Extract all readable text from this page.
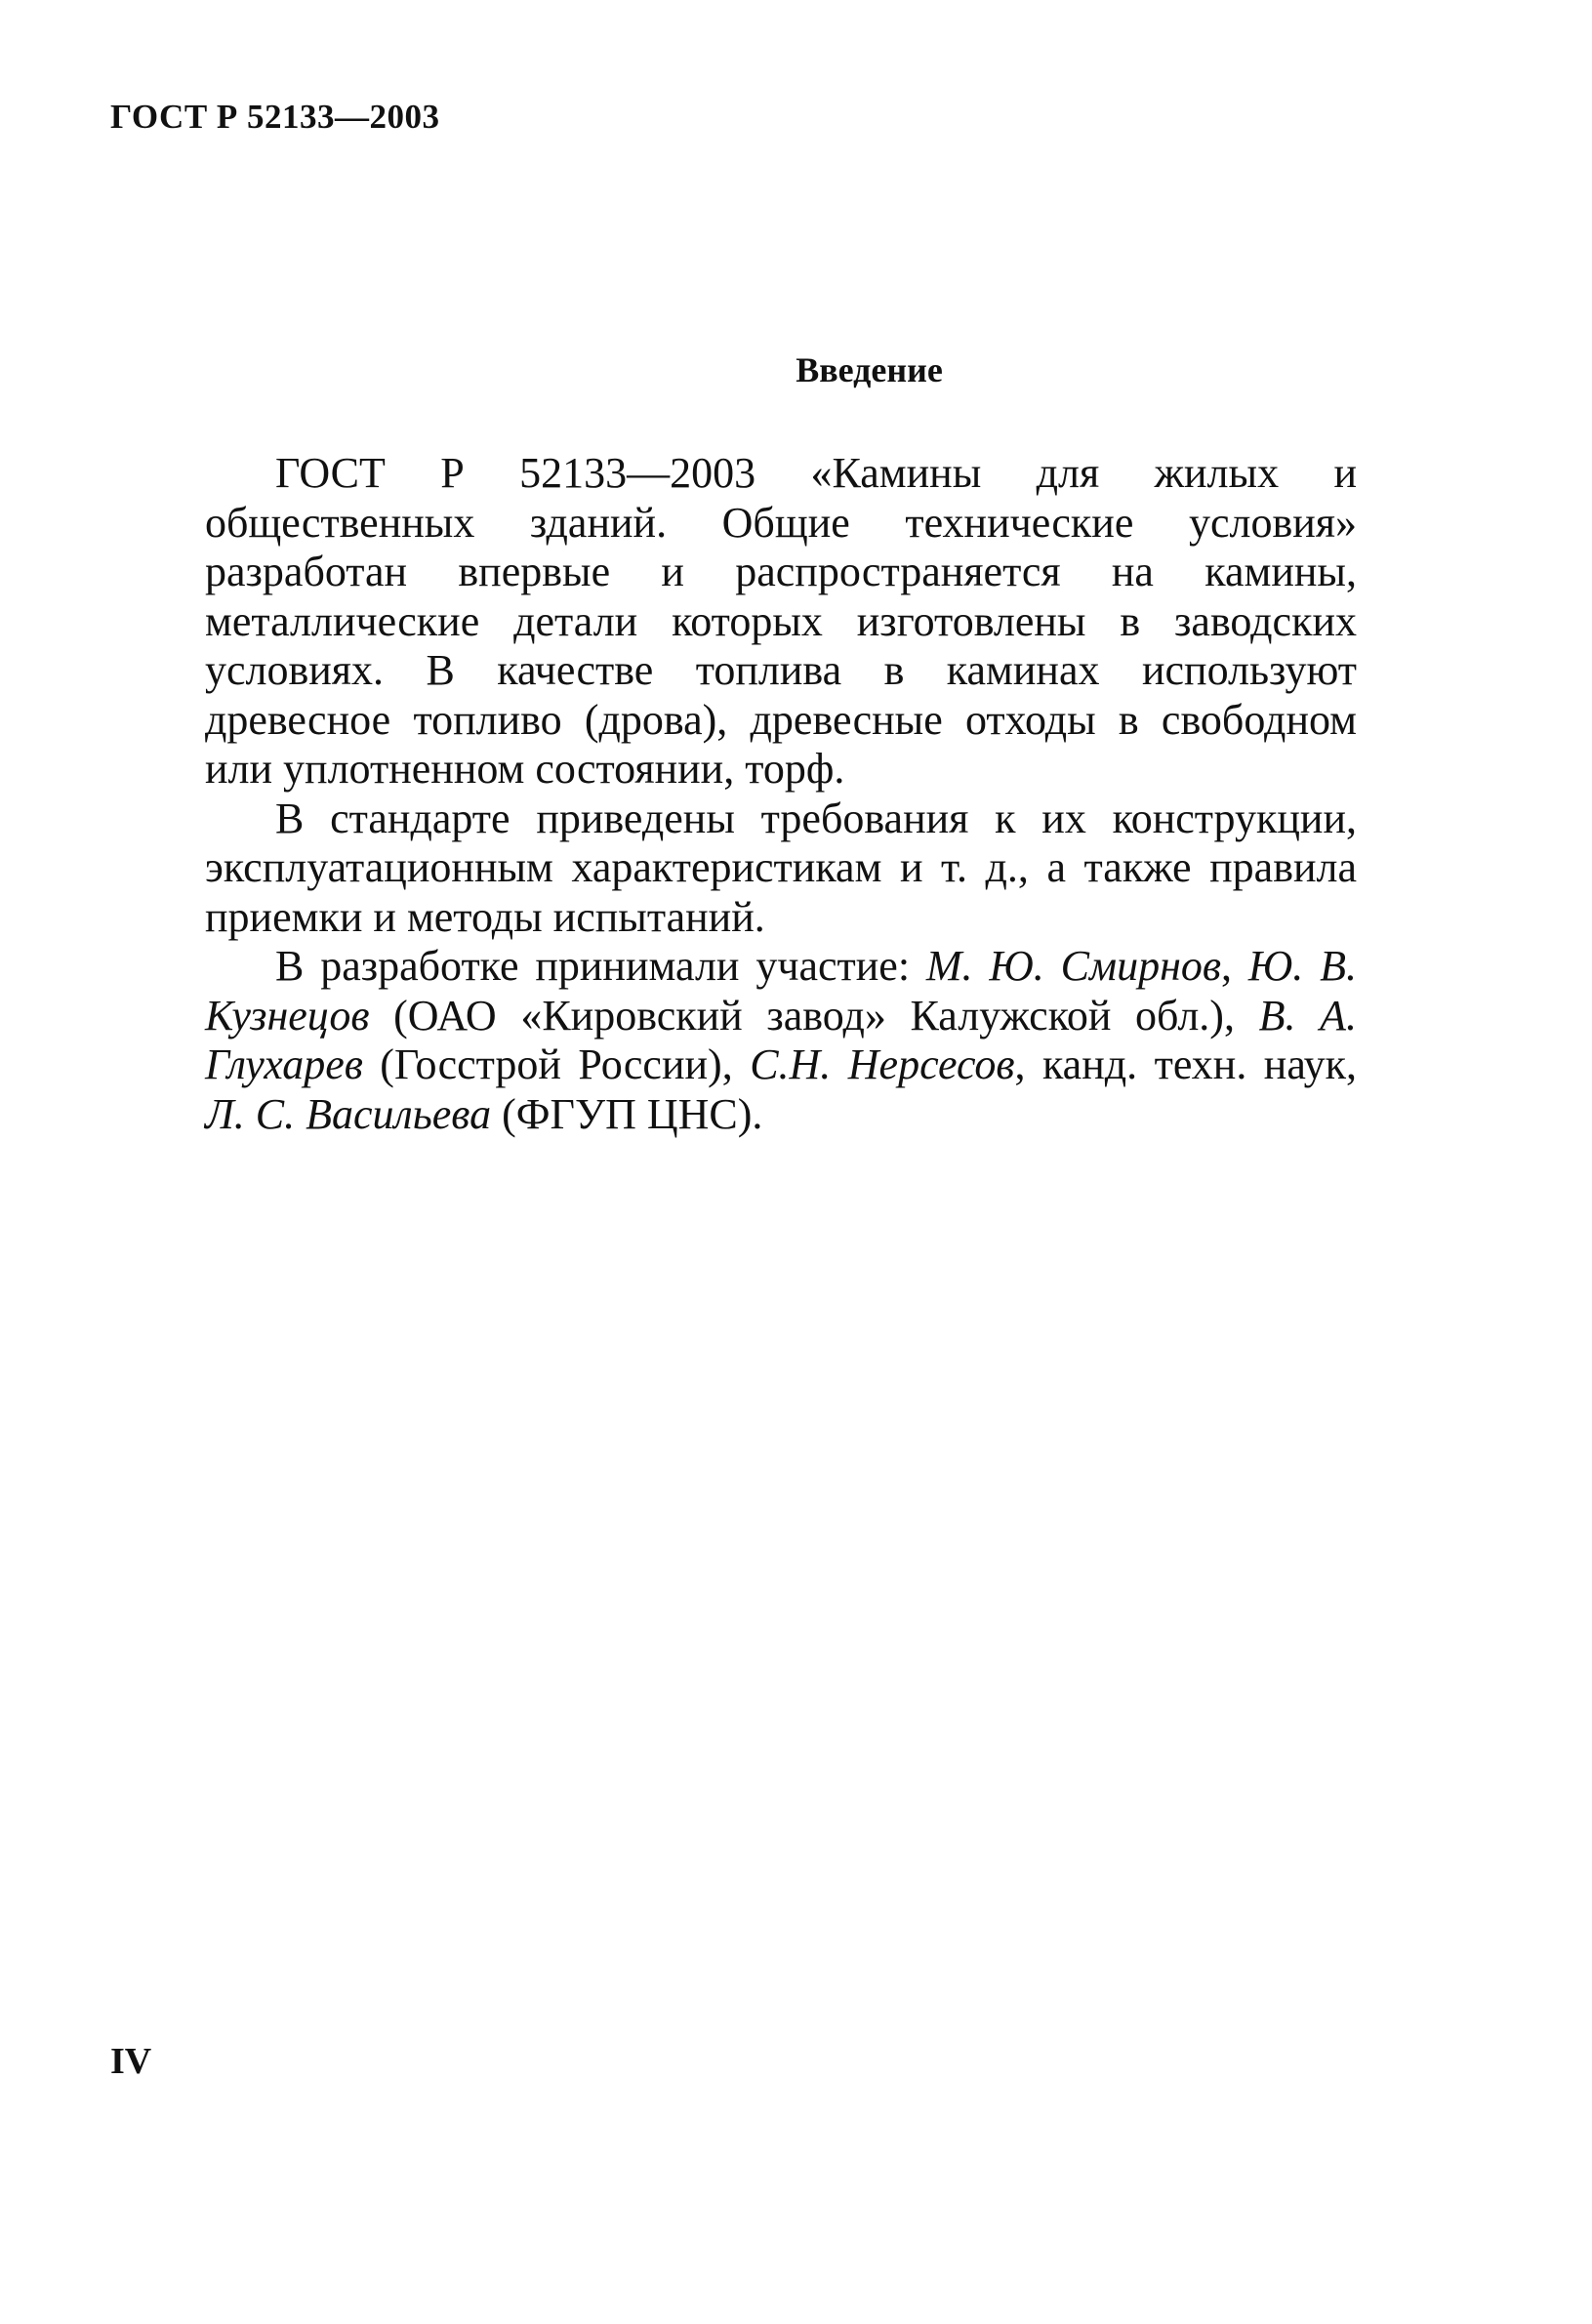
ГОСТ Р 52133—2003
Введение

ГОСТ Р 52133—2003 «Камины для жилых и общественных зданий. Общие технические условия» разработан впервые и распространяется на камины, металлические детали которых изготовлены в заводских условиях. В качестве топлива в каминах используют древесное топливо (дрова), древесные отходы в свободном или уплотненном состоянии, торф.

В стандарте приведены требования к их конструкции, эксплуатационным характеристикам и т. д., а также правила приемки и методы испытаний.

В разработке принимали участие: М. Ю. Смирнов, Ю. В. Кузнецов (ОАО «Кировский завод» Калужской обл.), В. А. Глухарев (Госстрой России), С.Н. Нерсесов, канд. техн. наук, Л. С. Васильева (ФГУП ЦНС).

IV
